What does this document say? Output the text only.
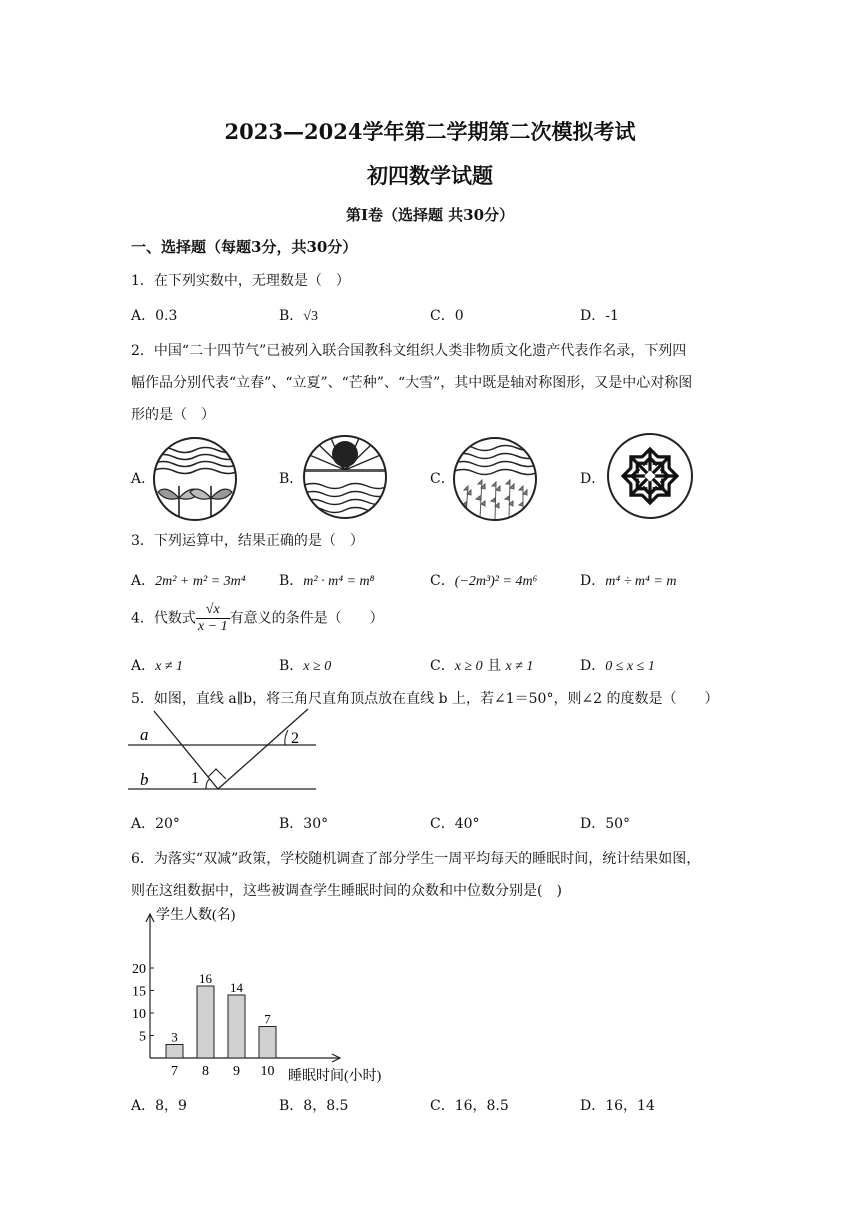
2023—2024学年第二学期第二次模拟考试
初四数学试题
第Ⅰ卷（选择题 共30分）
一、选择题（每题3分，共30分）
1．在下列实数中，无理数是（　）
A．0.3	B．√3	C．0	D．-1
2．中国“二十四节气”已被列入联合国教科文组织人类非物质文化遗产代表作名录，下列四
幅作品分别代表“立春”、“立夏”、“芒种”、“大雪”，其中既是轴对称图形，又是中心对称图
形的是（　）
A．	B．	C．	D．
3．下列运算中，结果正确的是（　）
A．2m² + m² = 3m⁴ B．m² · m⁴ = m⁸	C．(−2m³)² = 4m⁶	D．m⁴ ÷ m⁴ = m
4．代数式 $\frac{√x}{x - 1}$ 有意义的条件是（　　）
A．x ≠ 1	B．x ≥ 0	C．x ≥ 0 且 x ≠ 1	D．0 ≤ x ≤ 1
5．如图，直线 a∥b，将三角尺直角顶点放在直线 b 上，若∠1＝50°，则∠2 的度数是（　　）
a
b	1
2
A．20°	B．30°	C．40°	D．50°
6．为落实“双减”政策，学校随机调查了部分学生一周平均每天的睡眠时间，统计结果如图，
则在这组数据中，这些被调查学生睡眠时间的众数和中位数分别是(　)
5
10
15
20
3
7
16
8
14
9
7
10
学生人数(名)
睡眠时间(小时)
A．8，9	B．8，8.5	C．16，8.5	D．16，14
